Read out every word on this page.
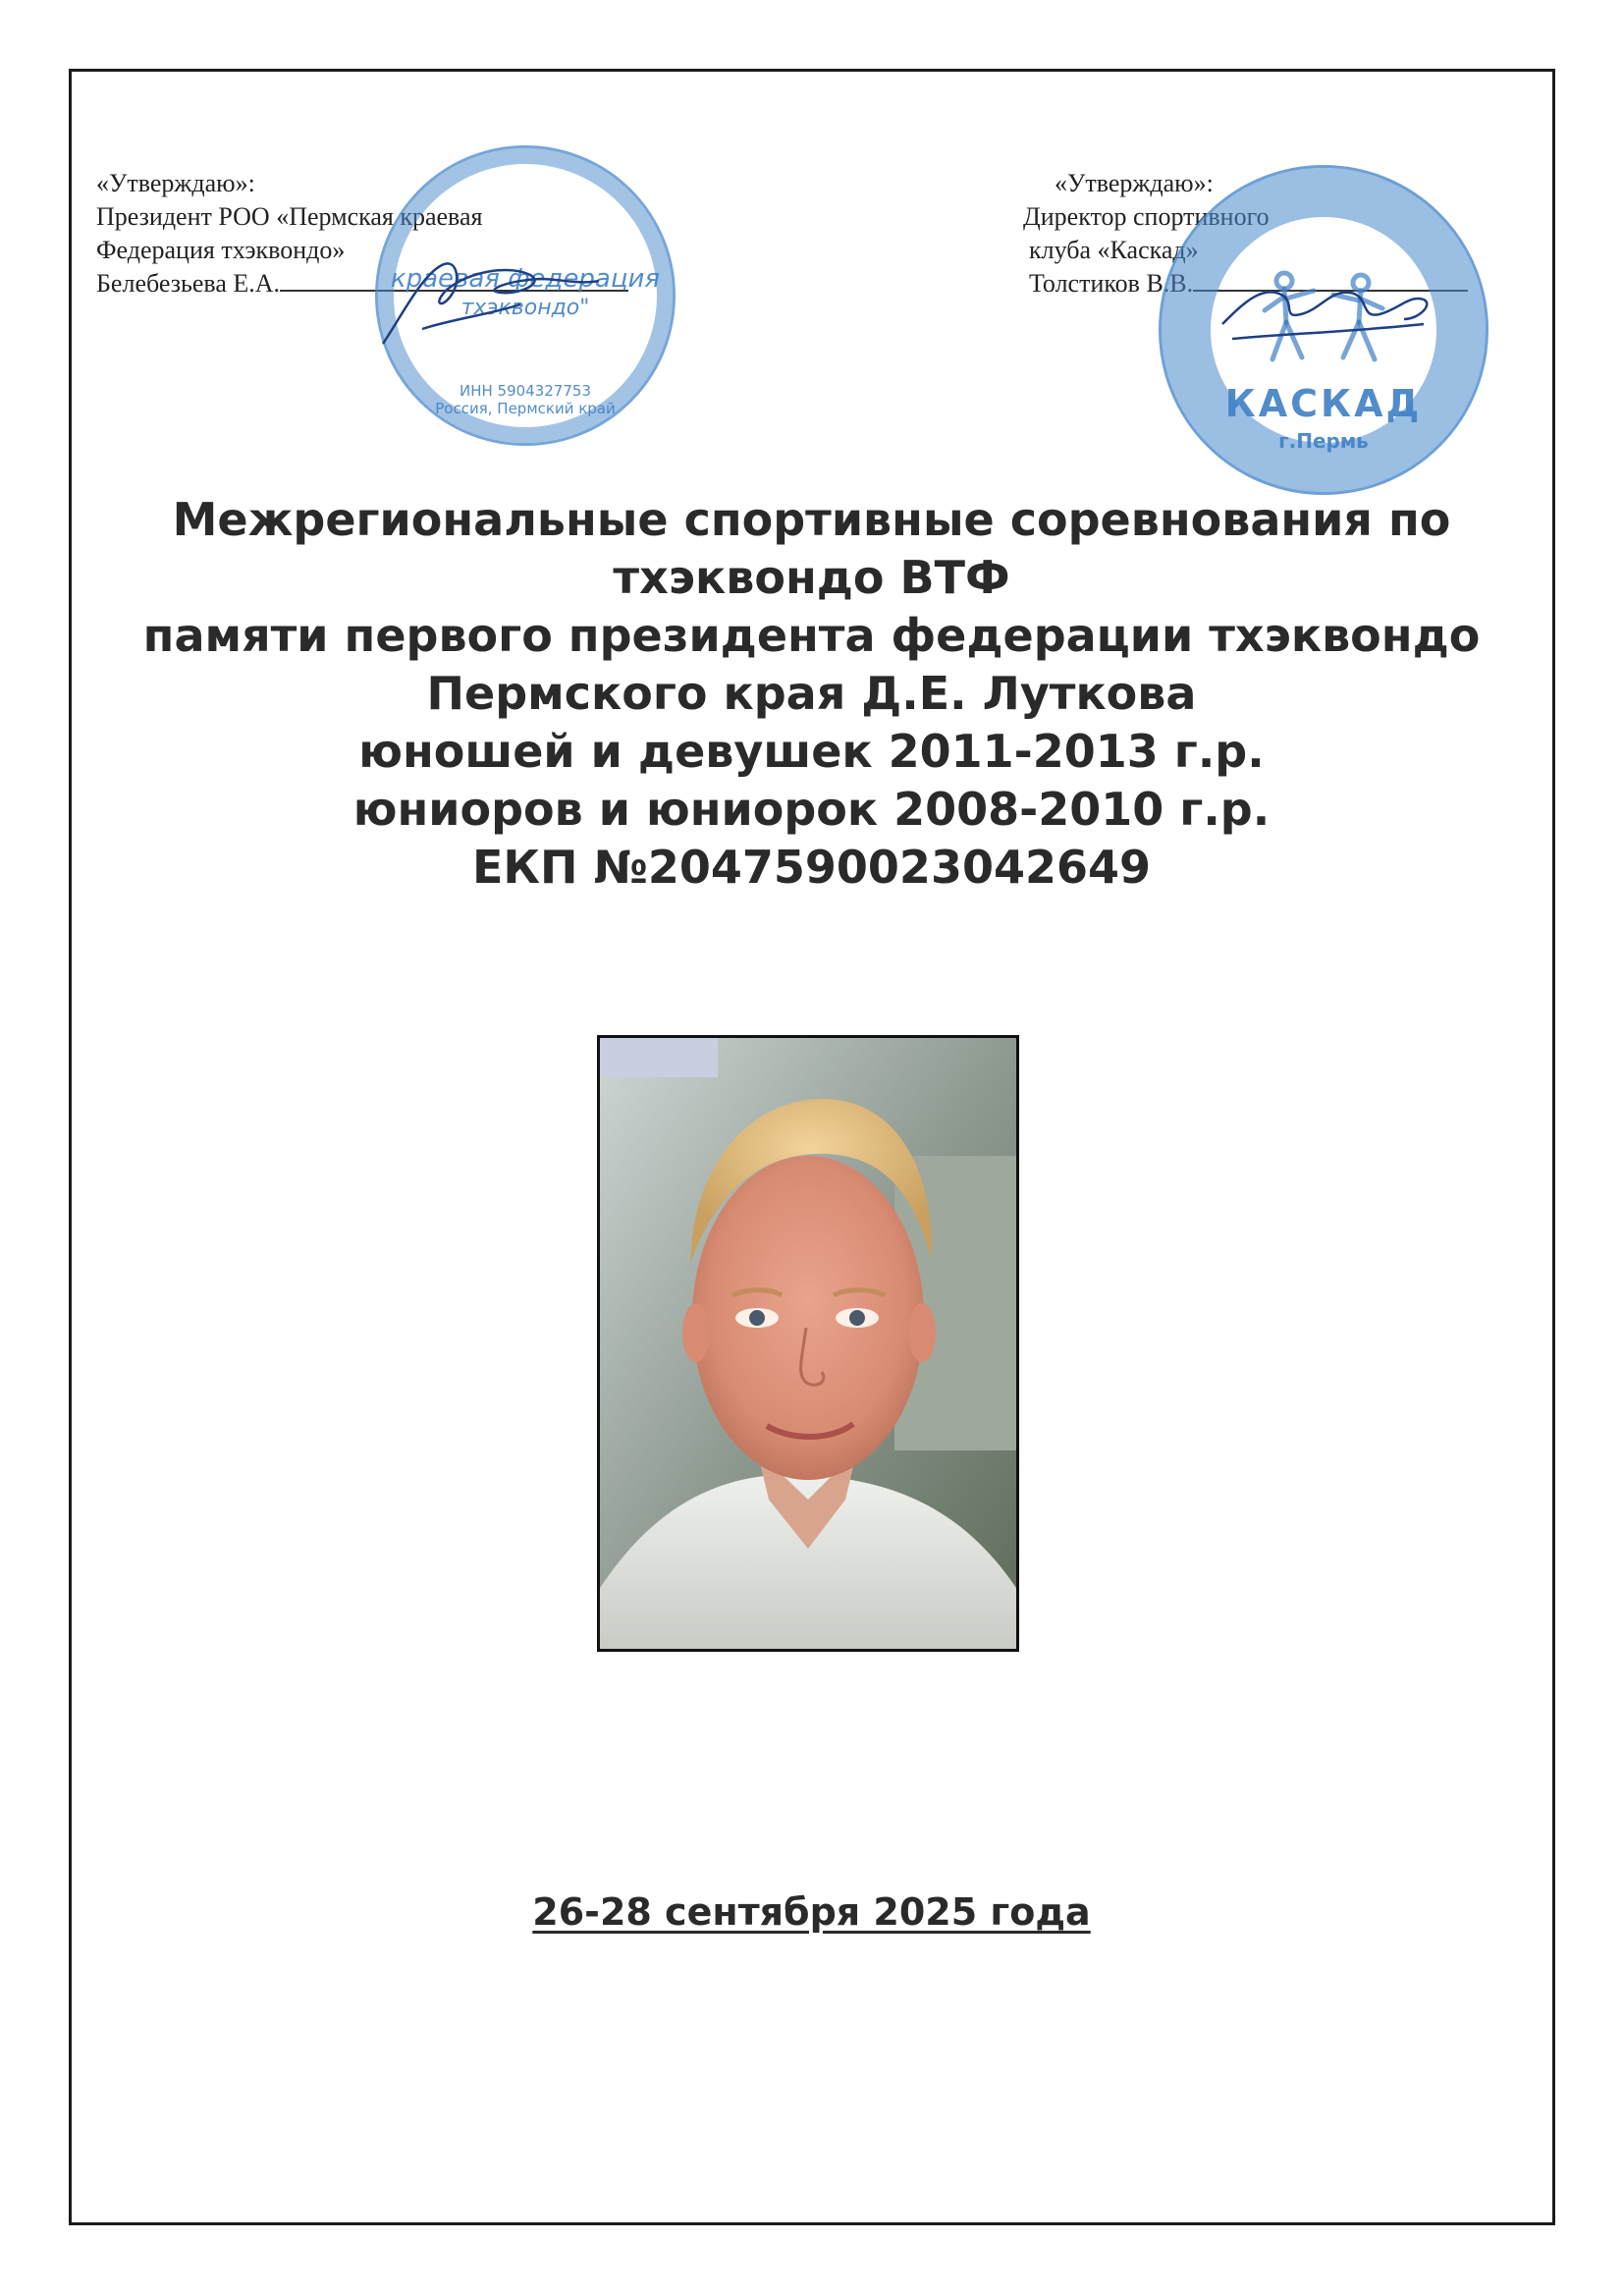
«Утверждаю»:
Президент РОО «Пермская краевая
Федерация тхэквондо»
Белебезьева Е.А.
«Утверждаю»:
Директор спортивного
клуба «Каскад»
Толстиков В.В.
краевая федерация
тхэквондо"
ИНН 5904327753
Россия, Пермский край	КАСКАД
г.Пермь
Межрегиональные спортивные соревнования по
тхэквондо ВТФ
памяти первого президента федерации тхэквондо
Пермского края Д.Е. Луткова
юношей и девушек 2011-2013 г.р.
юниоров и юниорок 2008-2010 г.р.
ЕКП №2047590023042649
26-28 сентября 2025 года
